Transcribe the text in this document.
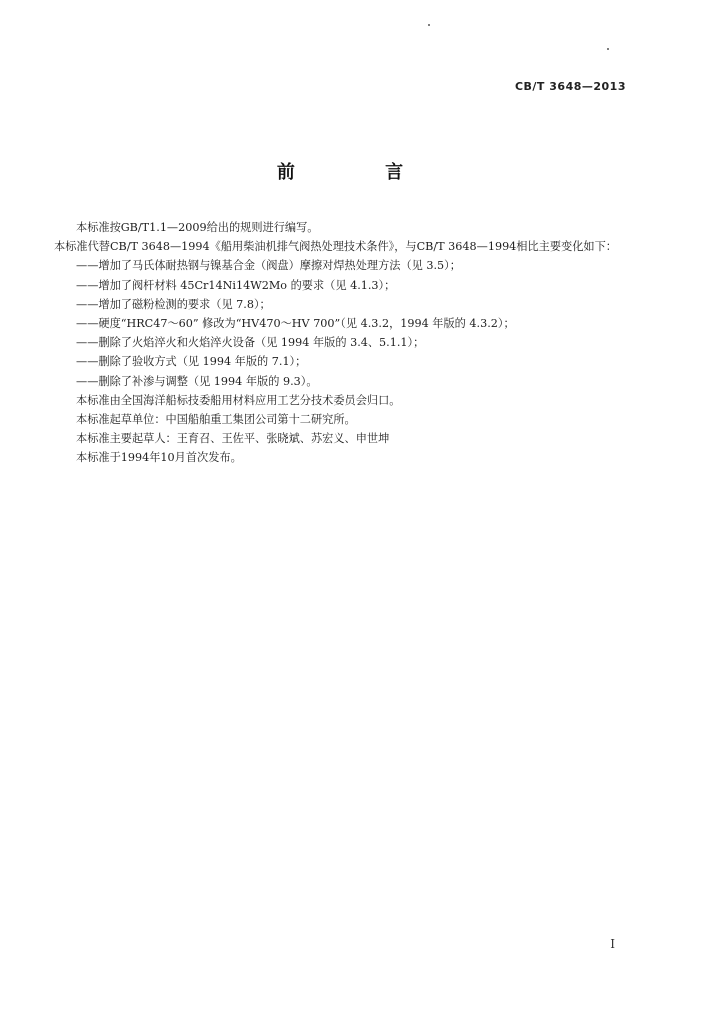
CB/T 3648—2013
前 言
本标准按GB/T1.1—2009给出的规则进行编写。
本标准代替CB/T 3648—1994《船用柴油机排气阀热处理技术条件》，与CB/T 3648—1994相比主要变化如下：
——增加了马氏体耐热钢与镍基合金（阀盘）摩擦对焊热处理方法（见 3.5）；
——增加了阀杆材料 45Cr14Ni14W2Mo 的要求（见 4.1.3）；
——增加了磁粉检测的要求（见 7.8）；
——硬度“HRC47～60” 修改为“HV470～HV 700”（见 4.3.2，1994 年版的 4.3.2）；
——删除了火焰淬火和火焰淬火设备（见 1994 年版的 3.4、5.1.1）；
——删除了验收方式（见 1994 年版的 7.1）；
——删除了补渗与调整（见 1994 年版的 9.3）。
本标准由全国海洋船标技委船用材料应用工艺分技术委员会归口。
本标准起草单位：中国船舶重工集团公司第十二研究所。
本标准主要起草人：王育召、王佐平、张晓斌、苏宏义、申世坤
本标准于1994年10月首次发布。
I
